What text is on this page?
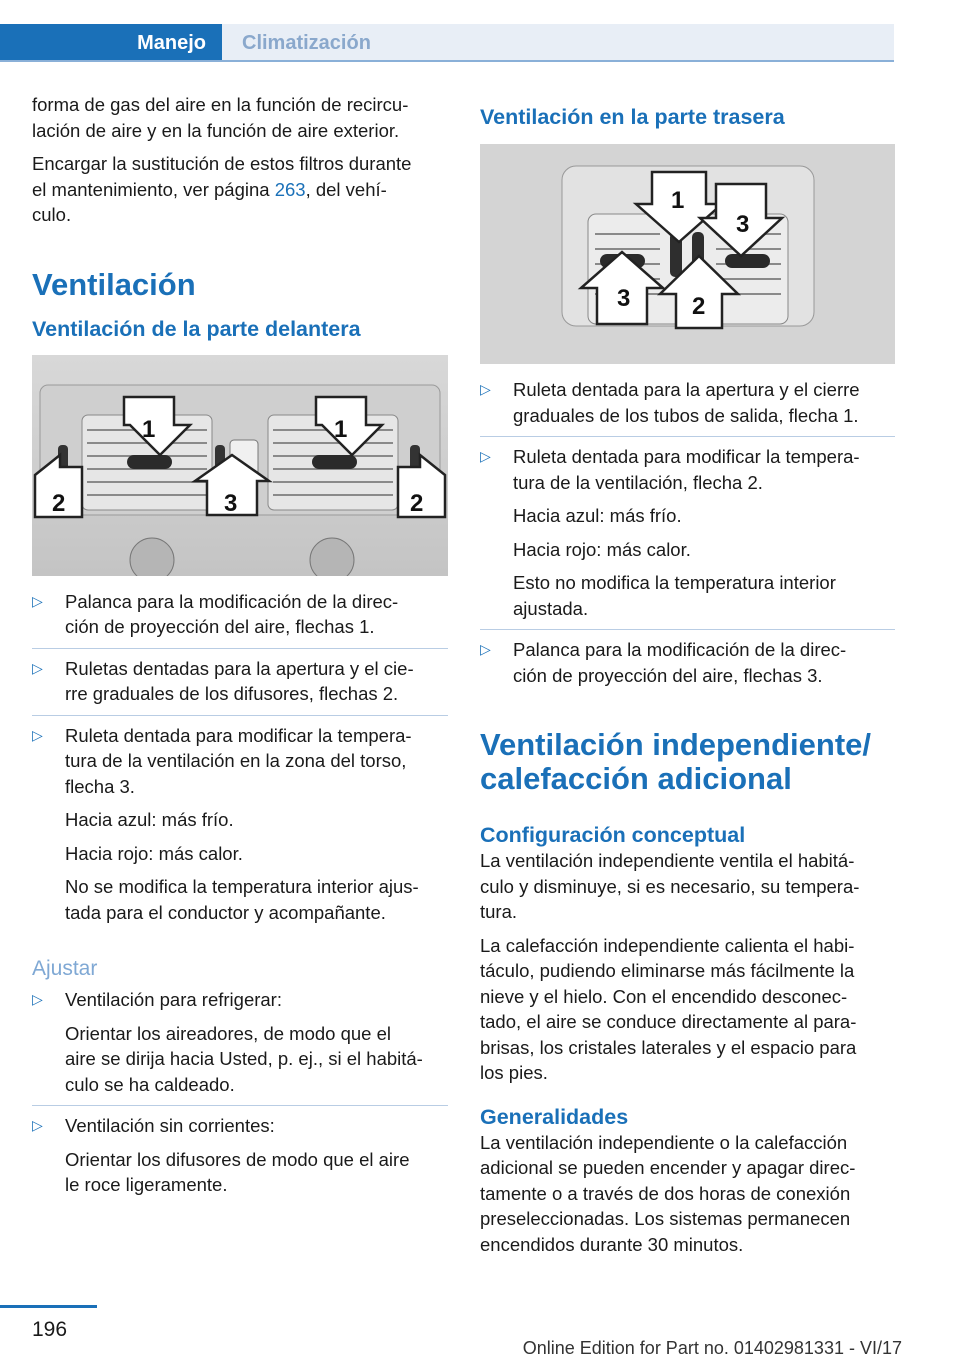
Manejo Climatización

forma de gas del aire en la función de recircu‐
lación de aire y en la función de aire exterior.

Encargar la sustitución de estos filtros durante
el mantenimiento, ver página 263, del vehí‐
culo.

Ventilación
Ventilación de la parte delantera
1	1
2	3	2
▷ Palanca para la modificación de la direc‐
ción de proyección del aire, flechas 1.
▷ Ruletas dentadas para la apertura y el cie‐
rre graduales de los difusores, flechas 2.
▷ Ruleta dentada para modificar la tempera‐
tura de la ventilación en la zona del torso,
flecha 3.
Hacia azul: más frío.
Hacia rojo: más calor.
No se modifica la temperatura interior ajus‐
tada para el conductor y acompañante.
Ajustar
▷ Ventilación para refrigerar:
Orientar los aireadores, de modo que el
aire se dirija hacia Usted, p. ej., si el habitá‐
culo se ha caldeado.
▷ Ventilación sin corrientes:
Orientar los difusores de modo que el aire
le roce ligeramente.
Ventilación en la parte trasera
1
3
3	2
▷ Ruleta dentada para la apertura y el cierre
graduales de los tubos de salida, flecha 1.
▷ Ruleta dentada para modificar la tempera‐
tura de la ventilación, flecha 2.
Hacia azul: más frío.
Hacia rojo: más calor.
Esto no modifica la temperatura interior
ajustada.
▷ Palanca para la modificación de la direc‐
ción de proyección del aire, flechas 3.
Ventilación independiente/
calefacción adicional
Configuración conceptual

La ventilación independiente ventila el habitá‐
culo y disminuye, si es necesario, su tempera‐
tura.

La calefacción independiente calienta el habi‐
táculo, pudiendo eliminarse más fácilmente la
nieve y el hielo. Con el encendido desconec‐
tado, el aire se conduce directamente al para‐
brisas, los cristales laterales y el espacio para
los pies.

Generalidades

La ventilación independiente o la calefacción
adicional se pueden encender y apagar direc‐
tamente o a través de dos horas de conexión
preseleccionadas. Los sistemas permanecen
encendidos durante 30 minutos.

196
Online Edition for Part no. 01402981331 - VI/17
